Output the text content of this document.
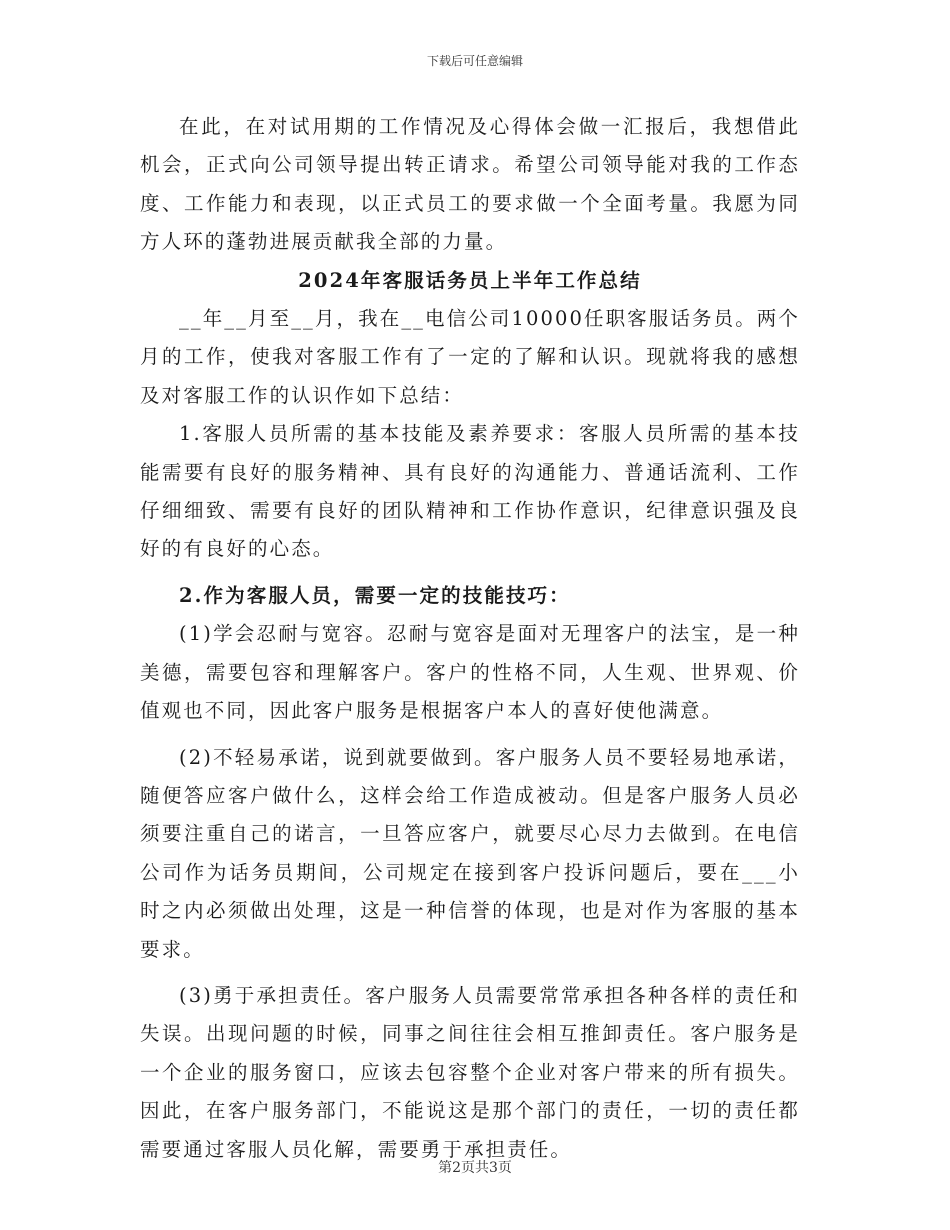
下载后可任意编辑

在此，在对试用期的工作情况及心得体会做一汇报后，我想借此机会，正式向公司领导提出转正请求。希望公司领导能对我的工作态度、工作能力和表现，以正式员工的要求做一个全面考量。我愿为同方人环的蓬勃进展贡献我全部的力量。

2024年客服话务员上半年工作总结

__年__月至__月，我在__电信公司10000任职客服话务员。两个月的工作，使我对客服工作有了一定的了解和认识。现就将我的感想及对客服工作的认识作如下总结：

1.客服人员所需的基本技能及素养要求：客服人员所需的基本技能需要有良好的服务精神、具有良好的沟通能力、普通话流利、工作仔细细致、需要有良好的团队精神和工作协作意识，纪律意识强及良好的有良好的心态。

2.作为客服人员，需要一定的技能技巧：

(1)学会忍耐与宽容。忍耐与宽容是面对无理客户的法宝，是一种美德，需要包容和理解客户。客户的性格不同，人生观、世界观、价值观也不同，因此客户服务是根据客户本人的喜好使他满意。

(2)不轻易承诺，说到就要做到。客户服务人员不要轻易地承诺，随便答应客户做什么，这样会给工作造成被动。但是客户服务人员必须要注重自己的诺言，一旦答应客户，就要尽心尽力去做到。在电信公司作为话务员期间，公司规定在接到客户投诉问题后，要在___小时之内必须做出处理，这是一种信誉的体现，也是对作为客服的基本要求。

(3)勇于承担责任。客户服务人员需要常常承担各种各样的责任和失误。出现问题的时候，同事之间往往会相互推卸责任。客户服务是一个企业的服务窗口，应该去包容整个企业对客户带来的所有损失。因此，在客户服务部门，不能说这是那个部门的责任，一切的责任都需要通过客服人员化解，需要勇于承担责任。

第2页共3页
